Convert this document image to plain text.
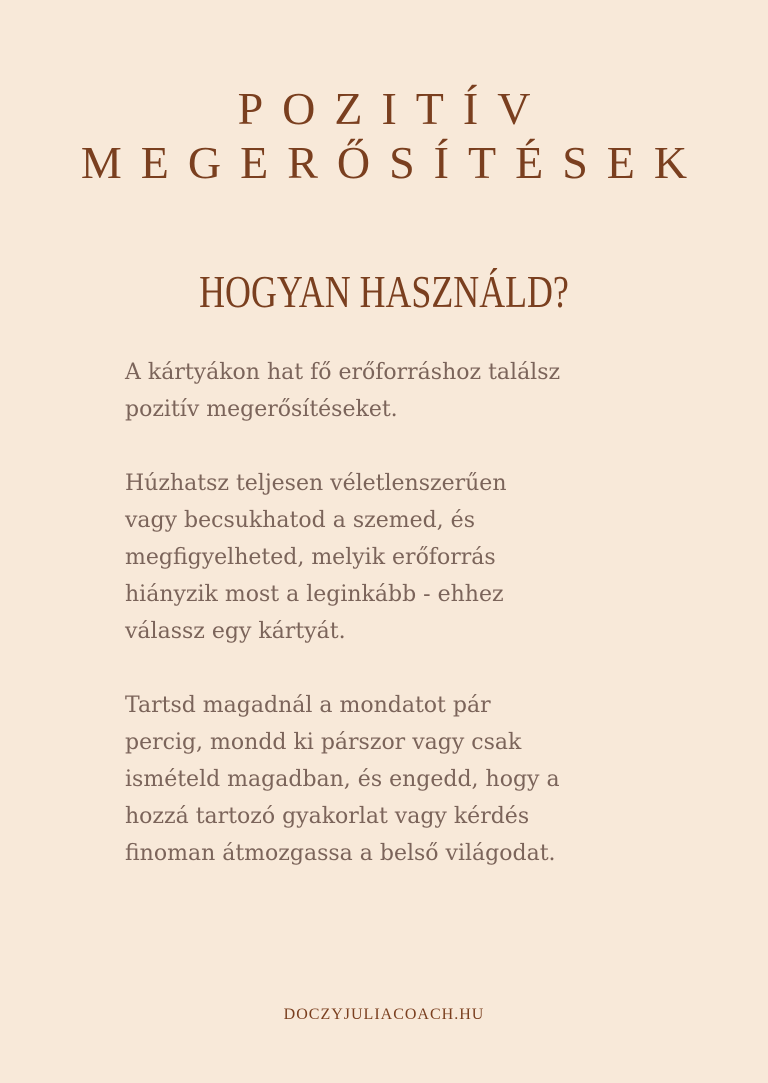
POZITÍV
MEGERŐSÍTÉSEK
HOGYAN HASZNÁLD?

A kártyákon hat fő erőforráshoz találsz
pozitív megerősítéseket.

Húzhatsz teljesen véletlenszerűen
vagy becsukhatod a szemed, és
megfigyelheted, melyik erőforrás
hiányzik most a leginkább - ehhez
válassz egy kártyát.

Tartsd magadnál a mondatot pár
percig, mondd ki párszor vagy csak
ismételd magadban, és engedd, hogy a
hozzá tartozó gyakorlat vagy kérdés
finoman átmozgassa a belső világodat.

DOCZYJULIACOACH.HU
